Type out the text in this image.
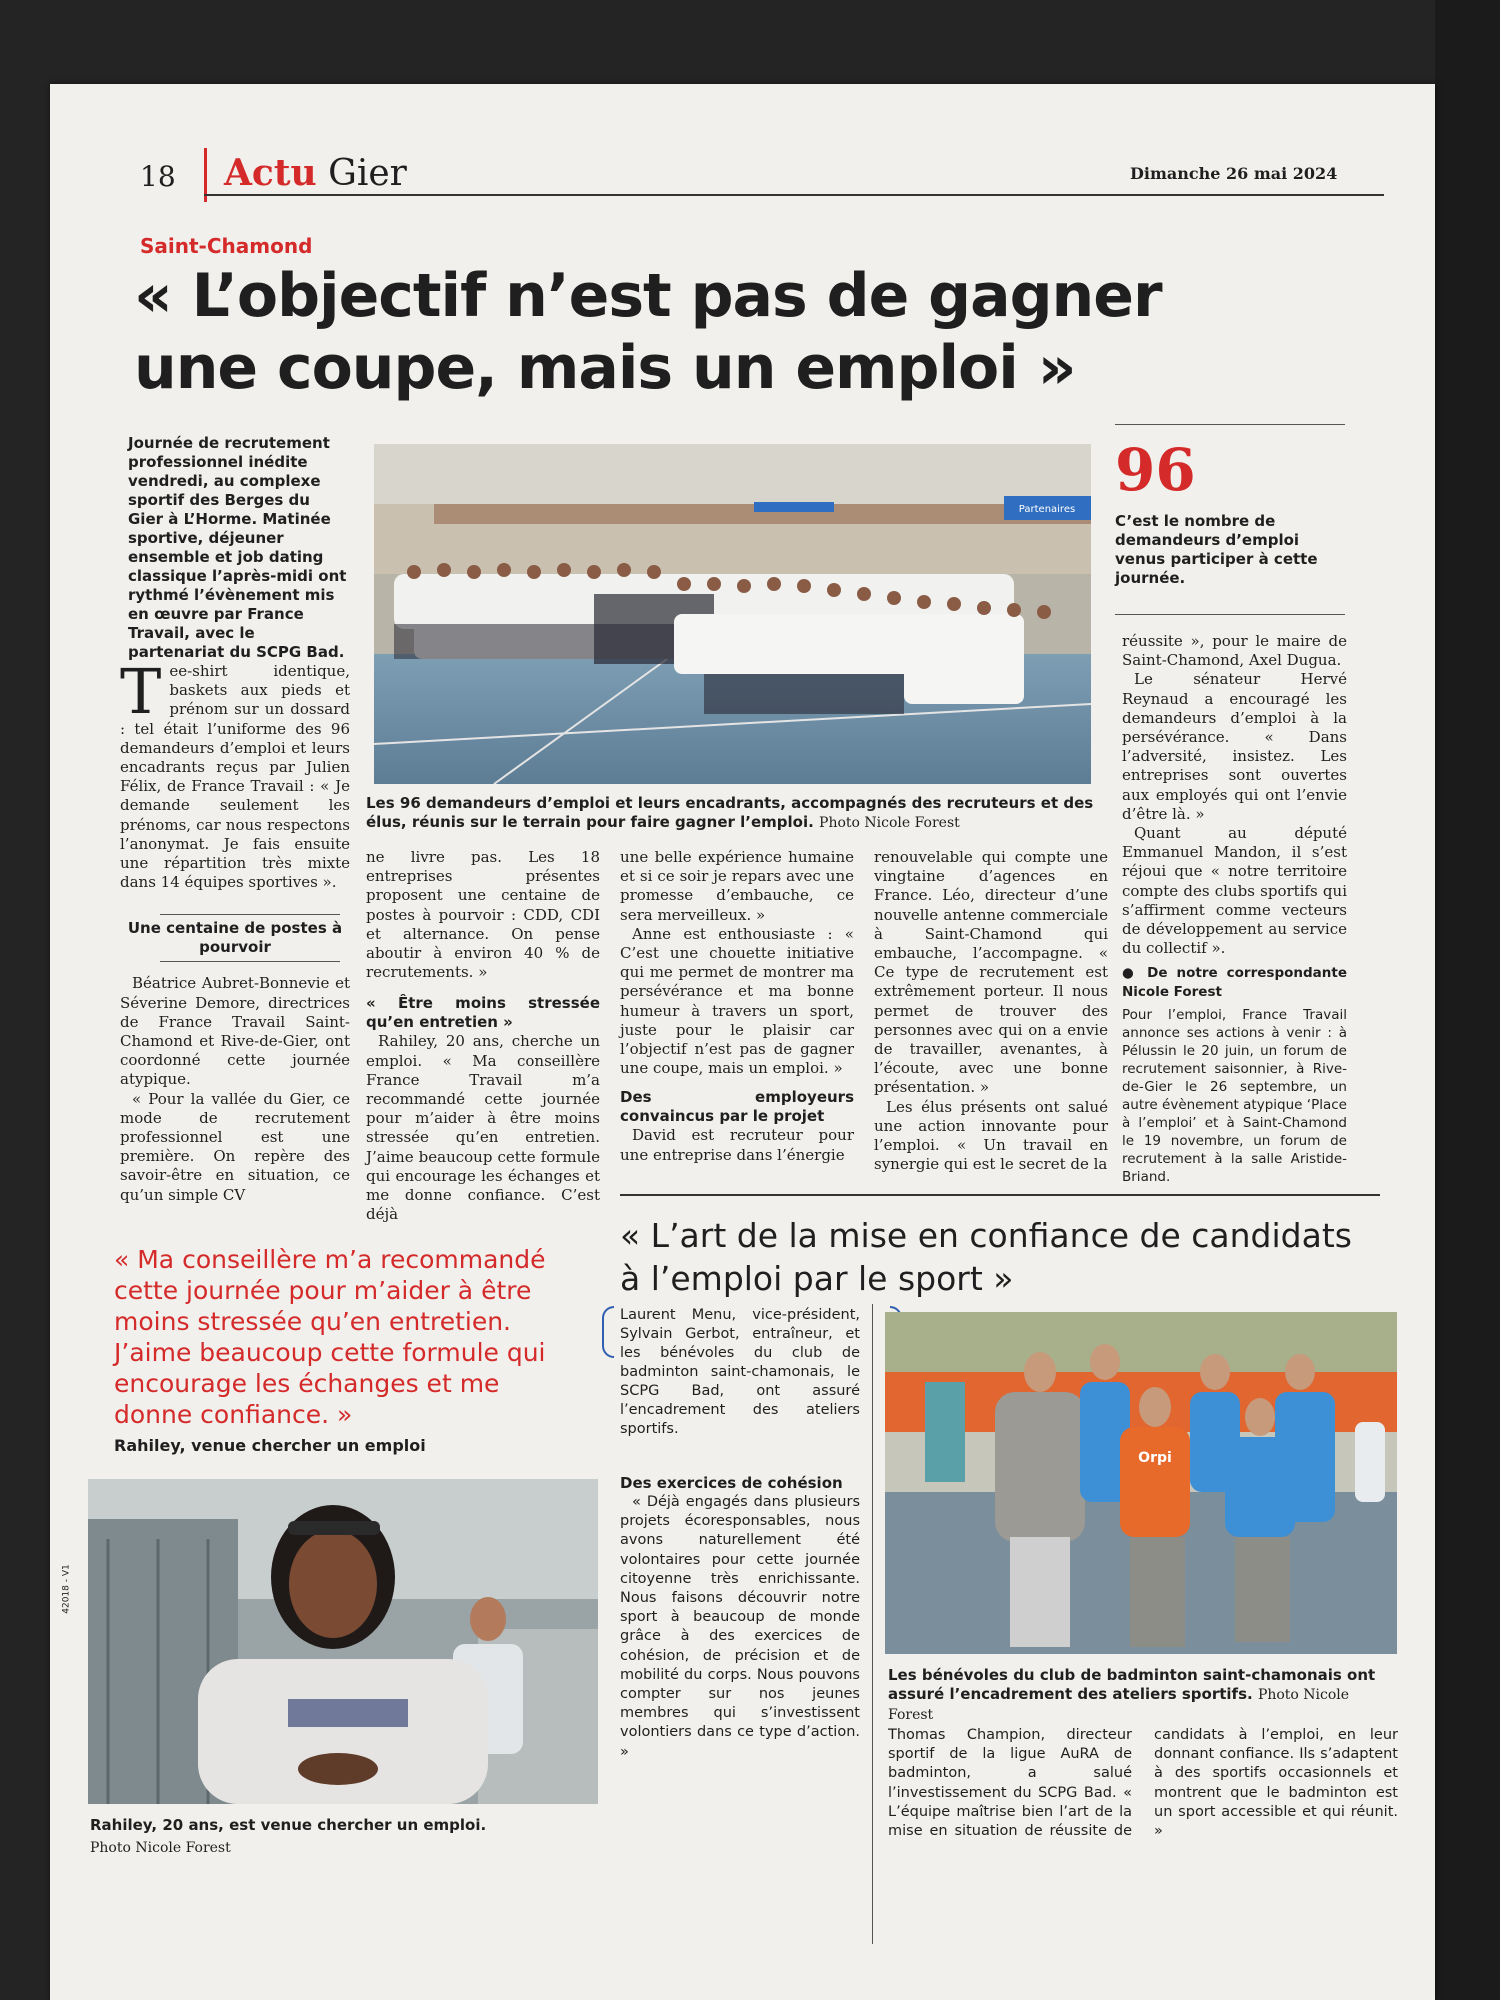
18 Actu Gier	Dimanche 26 mai 2024
Saint-Chamond
« L’objectif n’est pas de gagner une coupe, mais un emploi »
Journée de recrutement professionnel inédite vendredi, au complexe sportif des Berges du Gier à L’Horme. Matinée sportive, déjeuner ensemble et job dating classique l’après-midi ont rythmé l’évènement mis en œuvre par France Travail, avec le partenariat du SCPG Bad.
Partenaires
Les 96 demandeurs d’emploi et leurs encadrants, accompagnés des recruteurs et des élus, réunis sur le terrain pour faire gagner l’emploi. Photo Nicole Forest
96
C’est le nombre de demandeurs d’emploi venus participer à cette journée.

Tee-shirt identique, baskets aux pieds et prénom sur un dossard : tel était l’uniforme des 96 demandeurs d’emploi et leurs encadrants reçus par Julien Félix, de France Travail : « Je demande seulement les prénoms, car nous respectons l’anonymat. Je fais ensuite une répartition très mixte dans 14 équipes sportives ».

Une centaine de postes à pourvoir

Béatrice Aubret-Bonnevie et Séverine Demore, directrices de France Travail Saint-Chamond et Rive-de-Gier, ont coordonné cette journée atypique.

« Pour la vallée du Gier, ce mode de recrutement professionnel est une première. On repère des savoir-être en situation, ce qu’un simple CV

ne livre pas. Les 18 entreprises présentes proposent une centaine de postes à pourvoir : CDD, CDI et alternance. On pense aboutir à environ 40 % de recrutements. »

« Être moins stressée qu’en entretien »

Rahiley, 20 ans, cherche un emploi. « Ma conseillère France Travail m’a recommandé cette journée pour m’aider à être moins stressée qu’en entretien. J’aime beaucoup cette formule qui encourage les échanges et me donne confiance. C’est déjà

une belle expérience humaine et si ce soir je repars avec une promesse d’embauche, ce sera merveilleux. »

Anne est enthousiaste : « C’est une chouette initiative qui me permet de montrer ma persévérance et ma bonne humeur à travers un sport, juste pour le plaisir car l’objectif n’est pas de gagner une coupe, mais un emploi. »

Des employeurs convaincus par le projet

David est recruteur pour une entreprise dans l’énergie

renouvelable qui compte une vingtaine d’agences en France. Léo, directeur d’une nouvelle antenne commerciale à Saint-Chamond qui embauche, l’accompagne. « Ce type de recrutement est extrêmement porteur. Il nous permet de trouver des personnes avec qui on a envie de travailler, avenantes, à l’écoute, avec une bonne présentation. »

Les élus présents ont salué une action innovante pour l’emploi. « Un travail en synergie qui est le secret de la

réussite », pour le maire de Saint-Chamond, Axel Dugua.

Le sénateur Hervé Reynaud a encouragé les demandeurs d’emploi à la persévérance. « Dans l’adversité, insistez. Les entreprises sont ouvertes aux employés qui ont l’envie d’être là. »

Quant au député Emmanuel Mandon, il s’est réjoui que « notre territoire compte des clubs sportifs qui s’affirment comme vecteurs de développement au service du collectif ».

● De notre correspondante Nicole Forest

Pour l’emploi, France Travail annonce ses actions à venir : à Pélussin le 20 juin, un forum de recrutement saisonnier, à Rive-de-Gier le 26 septembre, un autre évènement atypique ‘Place à l’emploi’ et à Saint-Chamond le 19 novembre, un forum de recrutement à la salle Aristide-Briand.

« Ma conseillère m’a recommandé cette journée pour m’aider à être moins stressée qu’en entretien. J’aime beaucoup cette formule qui encourage les échanges et me donne confiance. »
Rahiley, venue chercher un emploi
Rahiley, 20 ans, est venue chercher un emploi.
Photo Nicole Forest
« L’art de la mise en confiance de candidats à l’emploi par le sport »
Laurent Menu, vice-président, Sylvain Gerbot, entraîneur, et les bénévoles du club de badminton saint-chamonais, le SCPG Bad, ont assuré l’encadrement des ateliers sportifs.
Des exercices de cohésion

« Déjà engagés dans plusieurs projets écoresponsables, nous avons naturellement été volontaires pour cette journée citoyenne très enrichissante. Nous faisons découvrir notre sport à beaucoup de monde grâce à des exercices de cohésion, de précision et de mobilité du corps. Nous pouvons compter sur nos jeunes membres qui s’investissent volontiers dans ce type d’action. »

Orpi
Les bénévoles du club de badminton saint-chamonais ont assuré l’encadrement des ateliers sportifs. Photo Nicole Forest

Thomas Champion, directeur sportif de la ligue AuRA de badminton, a salué l’investissement du SCPG Bad. « L’équipe maîtrise bien l’art de la mise en situation de réussite de candidats à l’emploi, en leur donnant confiance. Ils s’adaptent à des sportifs occasionnels et montrent que le badminton est un sport accessible et qui réunit. »

42018 - V1
